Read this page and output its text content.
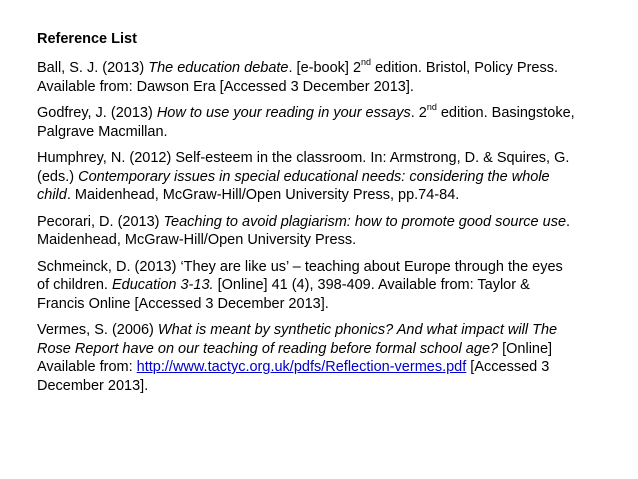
Reference List
Ball, S. J. (2013) The education debate. [e-book] 2nd edition. Bristol, Policy Press.
Available from: Dawson Era [Accessed 3 December 2013].
Godfrey, J. (2013) How to use your reading in your essays. 2nd edition. Basingstoke,
Palgrave Macmillan.
Humphrey, N. (2012) Self-esteem in the classroom. In: Armstrong, D. & Squires, G.
(eds.) Contemporary issues in special educational needs: considering the whole
child. Maidenhead, McGraw-Hill/Open University Press, pp.74-84.
Pecorari, D. (2013) Teaching to avoid plagiarism: how to promote good source use.
Maidenhead, McGraw-Hill/Open University Press.
Schmeinck, D. (2013) ‘They are like us’ – teaching about Europe through the eyes
of children. Education 3-13. [Online] 41 (4), 398-409. Available from: Taylor &
Francis Online [Accessed 3 December 2013].
Vermes, S. (2006) What is meant by synthetic phonics? And what impact will The
Rose Report have on our teaching of reading before formal school age? [Online]
Available from: http://www.tactyc.org.uk/pdfs/Reflection-vermes.pdf [Accessed 3
December 2013].
